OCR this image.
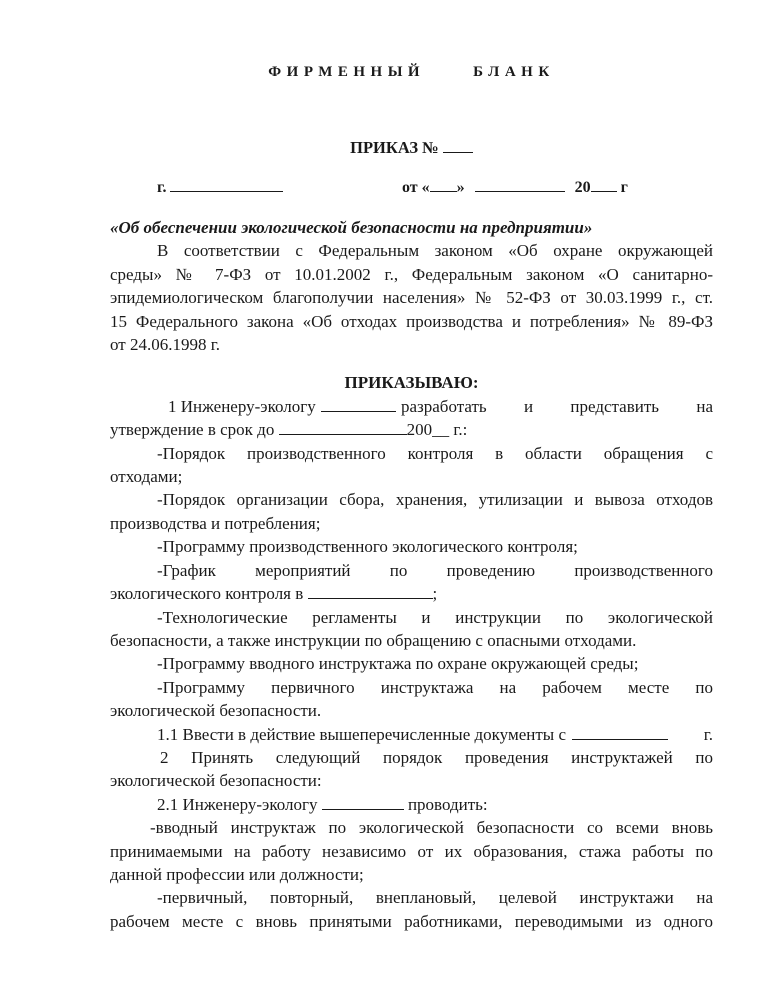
ФИРМЕННЫЙ	БЛАНК
ПРИКАЗ №
г.	от « »	20 г
«Об обеспечении экологической безопасности на предприятии»
В соответствии с Федеральным законом «Об охране окружающей
среды» № 7-ФЗ от 10.01.2002 г., Федеральным законом «О санитарно-
эпидемиологическом благополучии населения» № 52-ФЗ от 30.03.1999 г., ст.
15 Федерального закона «Об отходах производства и потребления» № 89-ФЗ
от 24.06.1998 г.
ПРИКАЗЫВАЮ:
1 Инженеру-экологу	разработать и представить на
утверждение в срок до	200__ г.:
-Порядок производственного контроля в области обращения с
отходами;
-Порядок организации сбора, хранения, утилизации и вывоза отходов
производства и потребления;
-Программу производственного экологического контроля;
-График мероприятий по проведению производственного
экологического контроля в	;
-Технологические регламенты и инструкции по экологической
безопасности, а также инструкции по обращению с опасными отходами.
-Программу вводного инструктажа по охране окружающей среды;
-Программу первичного инструктажа на рабочем месте по
экологической безопасности.
1.1 Ввести в действие вышеперечисленные документы с	г.
2 Принять следующий порядок проведения инструктажей по
экологической безопасности:
2.1 Инженеру-экологу	проводить:
-вводный инструктаж по экологической безопасности со всеми вновь
принимаемыми на работу независимо от их образования, стажа работы по
данной профессии или должности;
-первичный, повторный, внеплановый, целевой инструктажи на
рабочем месте с вновь принятыми работниками, переводимыми из одного
